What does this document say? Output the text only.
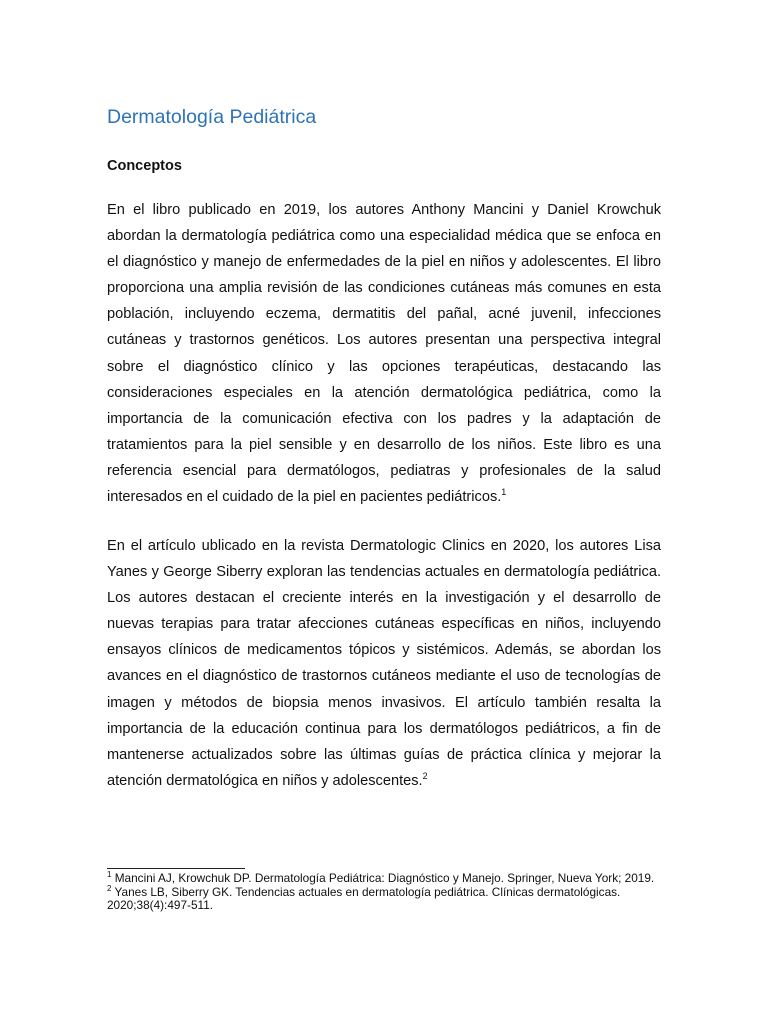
Dermatología Pediátrica
Conceptos

En el libro publicado en 2019, los autores Anthony Mancini y Daniel Krowchuk abordan la dermatología pediátrica como una especialidad médica que se enfoca en el diagnóstico y manejo de enfermedades de la piel en niños y adolescentes. El libro proporciona una amplia revisión de las condiciones cutáneas más comunes en esta población, incluyendo eczema, dermatitis del pañal, acné juvenil, infecciones cutáneas y trastornos genéticos. Los autores presentan una perspectiva integral sobre el diagnóstico clínico y las opciones terapéuticas, destacando las consideraciones especiales en la atención dermatológica pediátrica, como la importancia de la comunicación efectiva con los padres y la adaptación de tratamientos para la piel sensible y en desarrollo de los niños. Este libro es una referencia esencial para dermatólogos, pediatras y profesionales de la salud interesados en el cuidado de la piel en pacientes pediátricos.$^1$

En el artículo ublicado en la revista Dermatologic Clinics en 2020, los autores Lisa Yanes y George Siberry exploran las tendencias actuales en dermatología pediátrica. Los autores destacan el creciente interés en la investigación y el desarrollo de nuevas terapias para tratar afecciones cutáneas específicas en niños, incluyendo ensayos clínicos de medicamentos tópicos y sistémicos. Además, se abordan los avances en el diagnóstico de trastornos cutáneos mediante el uso de tecnologías de imagen y métodos de biopsia menos invasivos. El artículo también resalta la importancia de la educación continua para los dermatólogos pediátricos, a fin de mantenerse actualizados sobre las últimas guías de práctica clínica y mejorar la atención dermatológica en niños y adolescentes.$^2$

$^1$ Mancini AJ, Krowchuk DP. Dermatología Pediátrica: Diagnóstico y Manejo. Springer, Nueva York; 2019.

$^2$ Yanes LB, Siberry GK. Tendencias actuales en dermatología pediátrica. Clínicas dermatológicas. 2020;38(4):497-511.
